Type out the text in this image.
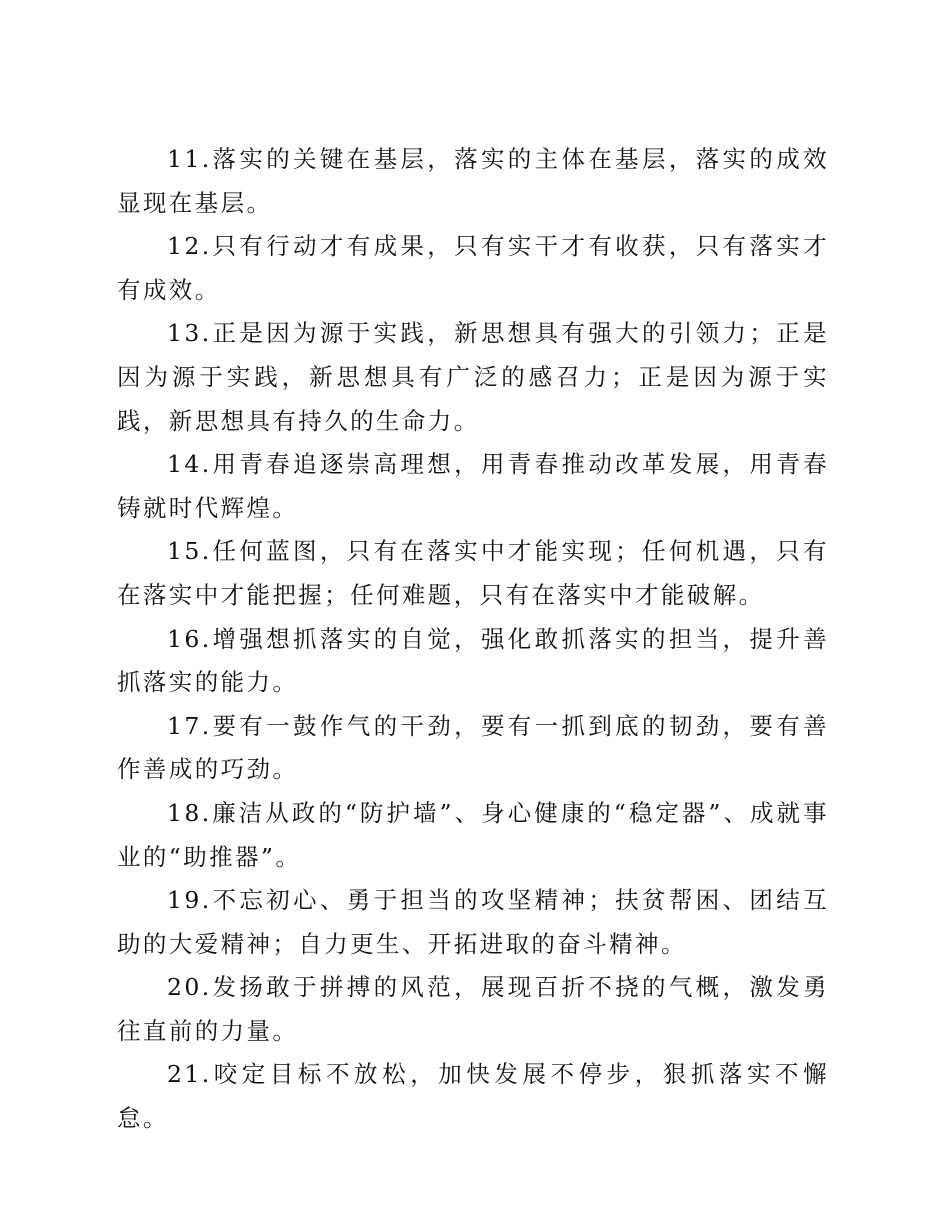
11.落实的关键在基层，落实的主体在基层，落实的成效显现在基层。

12.只有行动才有成果，只有实干才有收获，只有落实才有成效。

13.正是因为源于实践，新思想具有强大的引领力；正是因为源于实践，新思想具有广泛的感召力；正是因为源于实践，新思想具有持久的生命力。

14.用青春追逐崇高理想，用青春推动改革发展，用青春铸就时代辉煌。

15.任何蓝图，只有在落实中才能实现；任何机遇，只有在落实中才能把握；任何难题，只有在落实中才能破解。

16.增强想抓落实的自觉，强化敢抓落实的担当，提升善抓落实的能力。

17.要有一鼓作气的干劲，要有一抓到底的韧劲，要有善作善成的巧劲。

18.廉洁从政的“防护墙”、身心健康的“稳定器”、成就事业的“助推器”。

19.不忘初心、勇于担当的攻坚精神；扶贫帮困、团结互助的大爱精神；自力更生、开拓进取的奋斗精神。

20.发扬敢于拼搏的风范，展现百折不挠的气概，激发勇往直前的力量。

21.咬定目标不放松，加快发展不停步，狠抓落实不懈怠。
